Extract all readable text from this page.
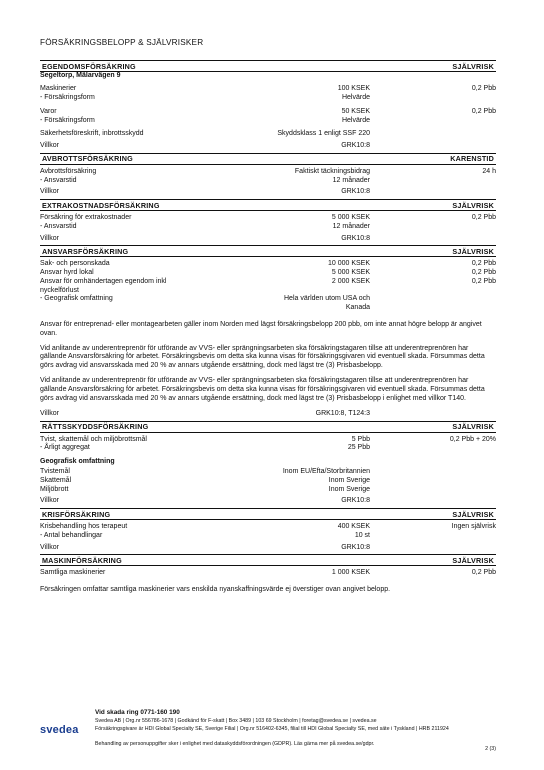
FÖRSÄKRINGSBELOPP & SJÄLVRISKER
EGENDOMSFÖRSÄKRING	SJÄLVRISK
Segeltorp, Mälarvägen 9
Maskinerier	100 KSEK	0,2 Pbb
- Försäkringsform	Helvärde
Varor	50 KSEK	0,2 Pbb
- Försäkringsform	Helvärde
Säkerhetsföreskrift, inbrottsskydd	Skyddsklass 1 enligt SSF 220
Villkor	GRK10:8
AVBROTTSFÖRSÄKRING	KARENSTID
Avbrottsförsäkring	Faktiskt täckningsbidrag	24 h
- Ansvarstid	12 månader
Villkor	GRK10:8
EXTRAKOSTNADSFÖRSÄKRING	SJÄLVRISK
Försäkring för extrakostnader	5 000 KSEK	0,2 Pbb
- Ansvarstid	12 månader
Villkor	GRK10:8
ANSVARSFÖRSÄKRING	SJÄLVRISK
Sak- och personskada	10 000 KSEK	0,2 Pbb
Ansvar hyrd lokal	5 000 KSEK	0,2 Pbb
Ansvar för omhändertagen egendom inkl	2 000 KSEK	0,2 Pbb
nyckelförlust
- Geografisk omfattning	Hela världen utom USA och
Kanada

Ansvar för entreprenad- eller montagearbeten gäller inom Norden med lägst försäkringsbelopp 200 pbb, om inte annat högre belopp är angivet ovan.

Vid anlitande av underentreprenör för utförande av VVS- eller sprängningsarbeten ska försäkringstagaren tillse att underentreprenören har gällande Ansvarsförsäkring för arbetet. Försäkringsbevis om detta ska kunna visas för försäkringsgivaren vid eventuell skada. Försummas detta görs avdrag vid ansvarsskada med 20 % av annars utgående ersättning, dock med lägst tre (3) Prisbasbelopp.

Vid anlitande av underentreprenör för utförande av VVS- eller sprängningsarbeten ska försäkringstagaren tillse att underentreprenören har gällande Ansvarsförsäkring för arbetet. Försäkringsbevis om detta ska kunna visas för försäkringsgivaren vid eventuell skada. Försummas detta görs avdrag vid ansvarsskada med 20 % av annars utgående ersättning, dock med lägst tre (3) Prisbasbelopp i enlighet med villkor T140.

Villkor	GRK10:8, T124:3
RÄTTSSKYDDSFÖRSÄKRING	SJÄLVRISK
Tvist, skattemål och miljöbrottsmål	5 Pbb	0,2 Pbb + 20%
- Årligt aggregat	25 Pbb
Geografisk omfattning
Tvistemål	Inom EU/Efta/Storbritannien
Skattemål	Inom Sverige
Miljöbrott	Inom Sverige
Villkor	GRK10:8
KRISFÖRSÄKRING	SJÄLVRISK
Krisbehandling hos terapeut	400 KSEK	Ingen självrisk
- Antal behandlingar	10 st
Villkor	GRK10:8
MASKINFÖRSÄKRING	SJÄLVRISK
Samtliga maskinerier	1 000 KSEK	0,2 Pbb

Försäkringen omfattar samtliga maskinerier vars enskilda nyanskaffningsvärde ej överstiger ovan angivet belopp.

svedea
Vid skada ring 0771-160 190
Svedea AB | Org.nr 556786-1678 | Godkänd för F-skatt | Box 3489 | 103 69 Stockholm | foretag@svedea.se | svedea.se
Försäkringsgivare är HDI Global Specialty SE, Sverige Filial | Org.nr 516402-6345, filial till HDI Global Specialty SE, med säte i Tyskland | HRB 211924
Behandling av personuppgifter sker i enlighet med dataskyddsförordningen (GDPR). Läs gärna mer på svedea.se/gdpr.
2 (3)
